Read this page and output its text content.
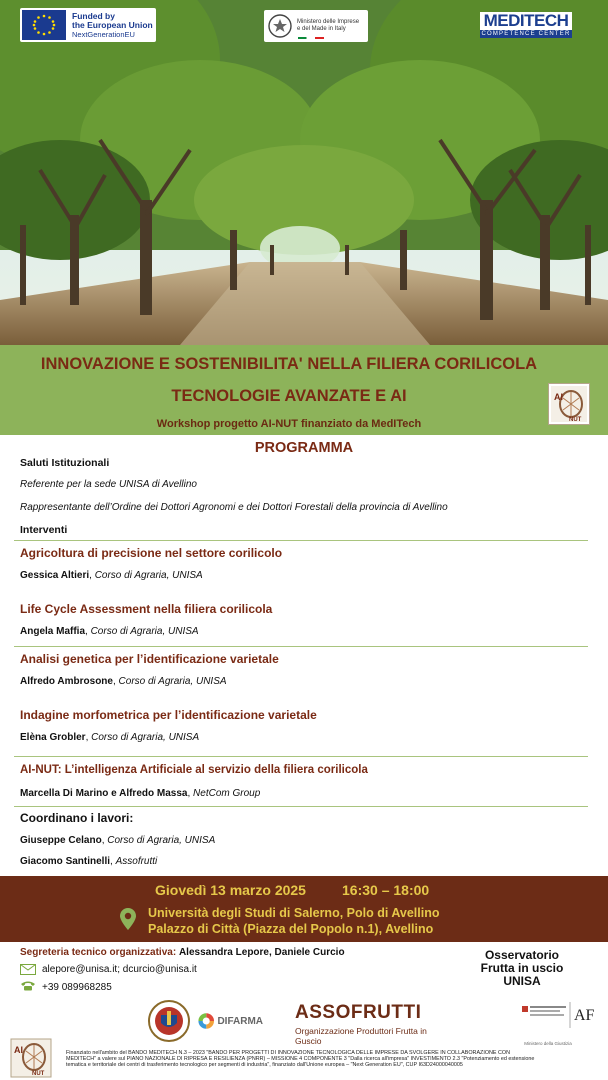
Funded by
the European Union
NextGenerationEU
Ministero delle Imprese
e del Made in Italy	MEDITECH
COMPETENCE CENTER
INNOVAZIONE E SOSTENIBILITA' NELLA FILIERA CORILICOLA
TECNOLOGIE AVANZATE E AI
Workshop progetto AI-NUT finanziato da MedITech
AI
NUT
PROGRAMMA
Saluti Istituzionali
Referente per la sede UNISA di Avellino
Rappresentante dell’Ordine dei Dottori Agronomi e dei Dottori Forestali della provincia di Avellino
Interventi
Agricoltura di precisione nel settore corilicolo
Gessica Altieri, Corso di Agraria, UNISA
Life Cycle Assessment nella filiera corilicola
Angela Maffia, Corso di Agraria, UNISA
Analisi genetica per l’identificazione varietale
Alfredo Ambrosone, Corso di Agraria, UNISA
Indagine morfometrica per l’identificazione varietale
Elèna Grobler, Corso di Agraria, UNISA
AI-NUT: L’intelligenza Artificiale al servizio della filiera corilicola
Marcella Di Marino e Alfredo Massa, NetCom Group
Coordinano i lavori:
Giuseppe Celano, Corso di Agraria, UNISA
Giacomo Santinelli, Assofrutti
Giovedì 13 marzo 2025	16:30 – 18:00
Università degli Studi di Salerno, Polo di Avellino
Palazzo di Città (Piazza del Popolo n.1), Avellino
Segreteria tecnico organizzativa: Alessandra Lepore, Daniele Curcio
alepore@unisa.it; dcurcio@unisa.it
+39 089968285
Osservatorio
Frutta in uscio
UNISA
DIFARMA ASSOFRUTTI
Organizzazione Produttori Frutta in Guscio
AF
Ministero della Giustizia
AI
NUT
Finanziato nell'ambito del BANDO MEDITECH N.3 – 2023 "BANDO PER PROGETTI DI INNOVAZIONE TECNOLOGICA DELLE IMPRESE DA SVOLGERE IN COLLABORAZIONE CON MEDITECH" a valere sul PIANO NAZIONALE DI RIPRESA E RESILIENZA (PNRR) – MISSIONE 4 COMPONENTE 3 "Dalla ricerca all'impresa" INVESTIMENTO 2.3 "Potenziamento ed estensione tematica e territoriale dei centri di trasferimento tecnologico per segmenti di industria", finanziato dall'Unione europea – "Next Generation EU", CUP I63D24000040005
